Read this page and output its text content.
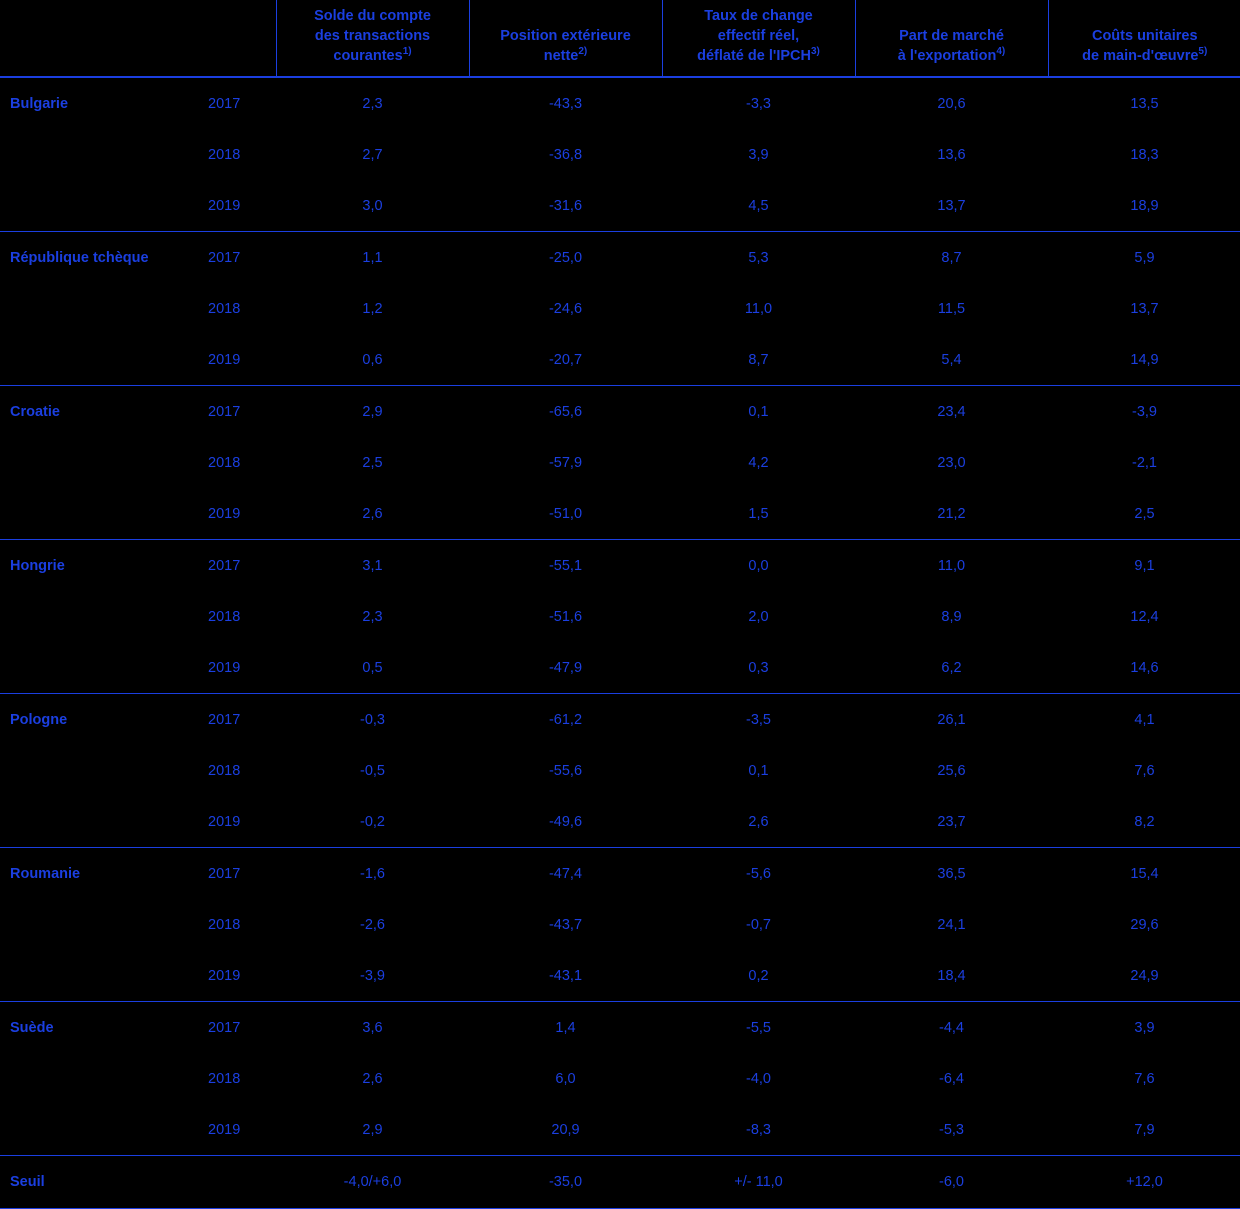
		Solde du compte
des transactions
courantes$^{1)}$	Position extérieure
nette$^{2)}$	Taux de change
effectif réel,
déflaté de l'IPCH$^{3)}$	Part de marché
à l'exportation$^{4)}$	Coûts unitaires
de main-d'œuvre$^{5)}$
Bulgarie	2017	2,3	-43,3	-3,3	20,6	13,5
	2018	2,7	-36,8	3,9	13,6	18,3
	2019	3,0	-31,6	4,5	13,7	18,9
République tchèque	2017	1,1	-25,0	5,3	8,7	5,9
	2018	1,2	-24,6	11,0	11,5	13,7
	2019	0,6	-20,7	8,7	5,4	14,9
Croatie	2017	2,9	-65,6	0,1	23,4	-3,9
	2018	2,5	-57,9	4,2	23,0	-2,1
	2019	2,6	-51,0	1,5	21,2	2,5
Hongrie	2017	3,1	-55,1	0,0	11,0	9,1
	2018	2,3	-51,6	2,0	8,9	12,4
	2019	0,5	-47,9	0,3	6,2	14,6
Pologne	2017	-0,3	-61,2	-3,5	26,1	4,1
	2018	-0,5	-55,6	0,1	25,6	7,6
	2019	-0,2	-49,6	2,6	23,7	8,2
Roumanie	2017	-1,6	-47,4	-5,6	36,5	15,4
	2018	-2,6	-43,7	-0,7	24,1	29,6
	2019	-3,9	-43,1	0,2	18,4	24,9
Suède	2017	3,6	1,4	-5,5	-4,4	3,9
	2018	2,6	6,0	-4,0	-6,4	7,6
	2019	2,9	20,9	-8,3	-5,3	7,9
Seuil		-4,0/+6,0	-35,0	+/- 11,0	-6,0	+12,0
